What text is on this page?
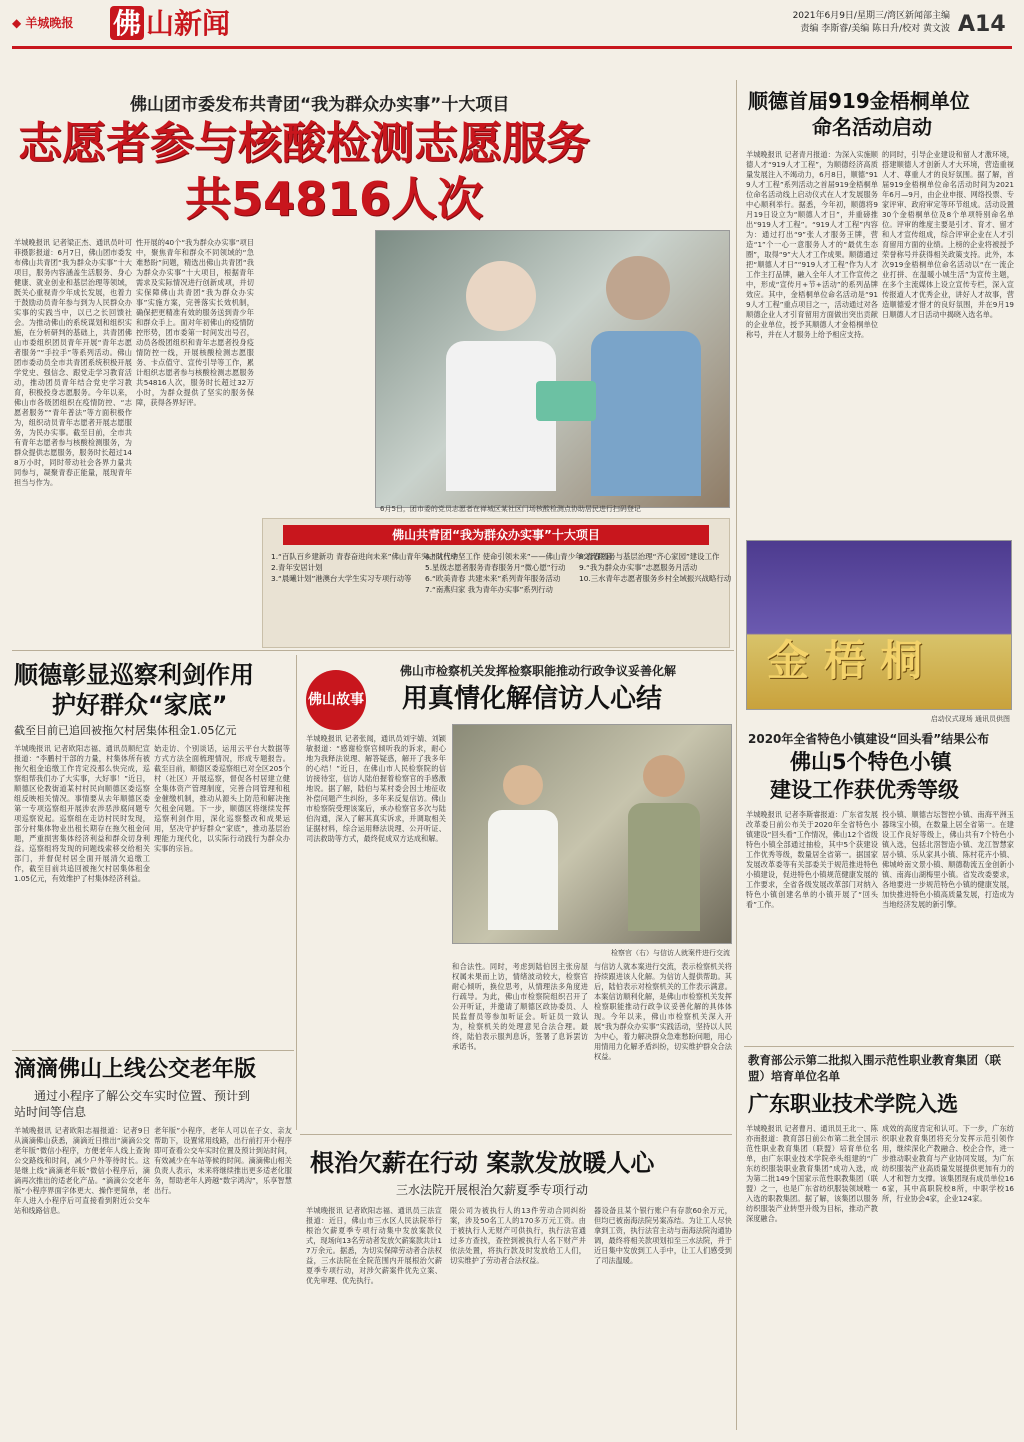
◆ 羊城晚报	佛 山新闻	2021年6月9日/星期三/湾区新闻部主编
责编 李斯睿/美编 陈日升/校对 黄文波 A14
佛山团市委发布共青团“我为群众办实事”十大项目
志愿者参与核酸检测志愿服务
共54816人次
羊城晚报讯 记者梁正杰、通讯员叶可菲摄影报道：6月7日，佛山团市委发布佛山共青团“我为群众办实事”十大项目，服务内容涵盖生活服务、身心健康、就业创业和基层治理等领域，既关心重视青少年成长发展，也着力于鼓励动员青年参与到为人民群众办实事的实践当中，以已之长回馈社会。为推动佛山的系统谋划和组织实施，在分析研判的基础上，共青团佛山市委组织团员青年开展“青年志愿者服务”“手拉手”等系列活动。佛山团市委动员全市共青团系统积极开展学党史、强信念、跟党走学习教育活动，推动团员青年结合党史学习教育，积极投身志愿服务。今年以来，佛山市各级团组织在疫情防控、“志愿者服务”“青年普法”等方面积极作为，组织动员青年志愿者开展志愿服务，为民办实事。截至目前，全市共有青年志愿者参与核酸检测服务，为群众提供志愿服务，服务时长超过148万小时，同时带动社会各界力量共同参与，凝聚青春正能量，展现青年担当与作为。
性开展的40个“我为群众办实事”项目中，聚焦青年和群众不同领域的“急难愁盼”问题，精选出佛山共青团“我为群众办实事”十大项目，根据青年需求及实际情况进行创新成项，并切实保障佛山共青团“我为群众办实事”实施方案，完善落实长效机制，确保把更精准有效的服务送到青少年和群众手上。面对年初佛山的疫情防控形势，团市委第一时间发出号召，动员各级团组织和青年志愿者投身疫情防控一线，开展核酸检测志愿服务、卡点值守、宣传引导等工作，累计组织志愿者参与核酸检测志愿服务共54816人次，服务时长超过32万小时，为群众提供了坚实的服务保障，获得各界好评。
6月5日，团市委的党员志愿者在禅城区某社区门场核酸检测点协助居民进行扫码登记
佛山共青团“我为群众办实事”十大项目
1.“百队百乡建新功 青春奋进向未来”佛山青年突击队行动
2.青年安居计划
3.“晨曦计划”港澳台大学生实习专项行动等
4.“时代中坚工作 使命引领未来”——佛山青少年交流联谊
5.星级志愿者服务青春服务月“微心愿”行动
6.“欧美青春 共建未来”系列青年服务活动
7.“南燕归家 我为青年办实事”系列行动
8.青春团务与基层治理“齐心家园”建设工作
9.“我为群众办实事”志愿服务月活动
10.三水青年志愿者服务乡村全域振兴战略行动
顺德首届919金梧桐单位
命名活动启动
羊城晚报讯 记者青月报道：为深入实施顺德人才“919人才工程”，为顺德经济高质量发展注入不竭动力，6月8日，顺德“919人才工程”系列活动之首届919金梧桐单位命名活动线上启动仪式在人才发展服务中心顺利举行。据悉，今年初，顺德将9月19日设立为“顺德人才日”，并重磅推出“919人才工程”。“919人才工程”内容为：通过打出“9”张人才服务王牌，营造“1”个一心一意服务人才的“最优生态圈”，取得“9”大人才工作成果。顺德通过把“顺德人才日”“919人才工程”作为人才工作主打品牌，融入全年人才工作宣传之中，形成“宣传月+节+活动”的系列品牌效应。其中，金梧桐单位命名活动是“919人才工程”重点项目之一，活动通过对各顺德企业人才引育留用方面做出突出贡献的企业单位，授予其顺德人才金梧桐单位称号，并在人才服务上给予相应支持。
的同时，引导企业建设和留人才激环境，搭建顺德人才创新人才大环境，营造重视人才、尊重人才的良好氛围。据了解，首届919金梧桐单位命名活动时间为2021年6月—9月，由企业申报、网络投票、专家评审、政府审定等环节组成。活动设置30个金梧桐单位及8个单项特别命名单位。评审的维度主要是引才、育才、留才和人才宣传组成，综合评审企业在人才引育留用方面的业绩。上榜的企业将被授予荣誉称号并获得相关政策支持。此外，本次919金梧桐单位命名活动以“在一流企业打拼、在温暖小城生活”为宣传主题，在多个主流媒体上设立宣传专栏，深入宣传报道人才优秀企业，讲好人才故事，营造顺德爱才惜才的良好氛围，并在9月19日顺德人才日活动中揭晓入选名单。
金 梧 桐
启动仪式现场 通讯员供图
顺德彰显巡察利剑作用
护好群众“家底”
截至目前已追回被拖欠村居集体租金1.05亿元
羊城晚报讯 记者欧阳志福、通讯员顺纪宣报道：“李鹏村干部的力量，村集体所有被拖欠租金追缴工作肯定没那么快完成，巡察组帮我们办了大实事，大好事！”近日，顺德区伦教街道某村村民向顺德区委巡察组反映相关情况。事情要从去年顺德区委第一专项巡察组开展涉农涉恶涉腐问题专项巡察说起。巡察组在走访村民时发现，部分村集体物业出租长期存在拖欠租金问题，严重损害集体经济利益和群众切身利益。巡察组将发现的问题线索移交给相关部门，并督促村居全面开展清欠追缴工作，截至目前共追回被拖欠村居集体租金1.05亿元，有效维护了村集体经济利益。
始走访、个别谈话，运用云平台大数据等方式方法全面梳理情况，形成专题报告。截至目前，顺德区委巡察组已对全区205个村（社区）开展巡察，督促各村居建立健全集体资产管理制度，完善合同管理和租金催缴机制，推动从源头上防范和解决拖欠租金问题。下一步，顺德区将继续发挥巡察利剑作用，深化巡察整改和成果运用，坚决守护好群众“家底”，推动基层治理能力现代化，以实际行动践行为群众办实事的宗旨。
佛山故事
佛山市检察机关发挥检察职能推动行政争议妥善化解
用真情化解信访人心结
羊城晚报讯 记者张闻，通讯员刘宇婧、刘颖敏报道：“感谢检察官倾听我的诉求，耐心地为我释法说理、解答疑惑，解开了我多年的心结！”近日，在佛山市人民检察院的信访接待室，信访人陆伯握着检察官的手感激地说。据了解，陆伯与某村委会因土地征收补偿问题产生纠纷，多年来反复信访。佛山市检察院受理该案后，承办检察官多次与陆伯沟通，深入了解其真实诉求，并调取相关证据材料，综合运用释法说理、公开听证、司法救助等方式，最终促成双方达成和解。
检察官（右）与信访人就案件进行交流
和合法性。同时，考虑到陆伯因主张房屋权属未果而上访，情绪波动较大，检察官耐心倾听，换位思考，从情理法多角度进行疏导。为此，佛山市检察院组织召开了公开听证，并邀请了顺德区政协委员、人民监督员等参加听证会。听证员一致认为，检察机关的处理意见合法合理。最终，陆伯表示服判息诉，签署了息诉罢访承诺书。
与信访人就本案进行交流，表示检察机关将持续跟进该人化解。为信访人提供帮助。其后，陆伯表示对检察机关的工作表示满意。本案信访顺利化解，是佛山市检察机关发挥检察职能推动行政争议妥善化解的具体体现。今年以来，佛山市检察机关深入开展“我为群众办实事”实践活动，坚持以人民为中心，着力解决群众急难愁盼问题，用心用情用力化解矛盾纠纷，切实维护群众合法权益。
2020年全省特色小镇建设“回头看”结果公布
佛山5个特色小镇
建设工作获优秀等级
羊城晚报讯 记者李斯睿报道：广东省发展改革委日前公布关于2020年全省特色小镇建设“回头看”工作情况，佛山12个省级特色小镇全部通过抽检，其中5个获建设工作优秀等级，数量居全省第一。据国家发展改革委等有关部委关于规范推进特色小镇建设，促进特色小镇规范健康发展的工作要求，全省各级发展改革部门对纳入特色小镇创建名单的小镇开展了“回头看”工作。
投小镇、顺德吉坛智控小镇、南海平洲玉器珠宝小镇，在数量上居全省第一。在建设工作良好等级上，佛山共有7个特色小镇入选，包括北滘智造小镇、龙江智慧家居小镇、乐从家具小镇、陈村花卉小镇、佛城岭南文景小镇、顺德勒流五金创新小镇、南海山湖梅里小镇。省发改委要求，各地要进一步规范特色小镇的健康发展，加快推进特色小镇高质量发展，打造成为当地经济发展的新引擎。
教育部公示第二批拟入围示范性职业教育集团（联盟）培育单位名单
广东职业技术学院入选
羊城晚报讯 记者曹月、通讯员王北一、陈亦南报道：教育部日前公布第二批全国示范性职业教育集团（联盟）培育单位名单，由广东职业技术学院牵头组建的“广东纺织服装职业教育集团”成功入选，成为第二批149个国家示范性职教集团（联盟）之一，也是广东省纺织服装领域唯一入选的职教集团。据了解，该集团以服务纺织服装产业转型升级为目标，推动产教深度融合。
成效的高度肯定和认可。下一步，广东纺织职业教育集团将充分发挥示范引领作用，继续深化产教融合、校企合作，进一步推动职业教育与产业协同发展，为广东纺织服装产业高质量发展提供更加有力的人才和智力支撑。该集团现有成员单位166家，其中高职院校8所，中职学校16所，行业协会4家，企业124家。
滴滴佛山上线公交老年版
通过小程序了解公交车实时位置、预计到
站时间等信息
羊城晚报讯 记者欧阳志福报道：记者9日从滴滴佛山获悉，滴滴近日推出“滴滴公交老年版”微信小程序，方便老年人线上查询公交路线和时间，减少户外等待时长。这是继上线“滴滴老年版”微信小程序后，滴滴再次推出的适老化产品。“滴滴公交老年版”小程序界面字体更大、操作更简单，老年人进入小程序后可直接看到附近公交车站和线路信息。
老年版”小程序，老年人可以在子女、亲友帮助下，设置常用线路，出行前打开小程序即可查看公交车实时位置及预计到站时间，有效减少在车站等候的时间。滴滴佛山相关负责人表示，未来将继续推出更多适老化服务，帮助老年人跨越“数字鸿沟”，乐享智慧出行。
根治欠薪在行动 案款发放暖人心
三水法院开展根治欠薪夏季专项行动
羊城晚报讯 记者欧阳志福、通讯员三法宣报道：近日，佛山市三水区人民法院举行根治欠薪夏季专项行动集中发放案款仪式，现场向13名劳动者发放欠薪案款共计17万余元。据悉，为切实保障劳动者合法权益，三水法院在全院范围内开展根治欠薪夏季专项行动，对涉欠薪案件优先立案、优先审理、优先执行。
限公司为被执行人的13件劳动合同纠纷案，涉及50名工人的170多万元工资。由于被执行人无财产可供执行，执行法官通过多方查找，查控到被执行人名下财产并依法处置，将执行款及时发放给工人们，切实维护了劳动者合法权益。
器设备且某个银行账户有存款60余万元，但均已被南海法院另案冻结。为让工人尽快拿到工资，执行法官主动与南海法院沟通协调，最终将相关款项划扣至三水法院，并于近日集中发放到工人手中，让工人们感受到了司法温暖。
